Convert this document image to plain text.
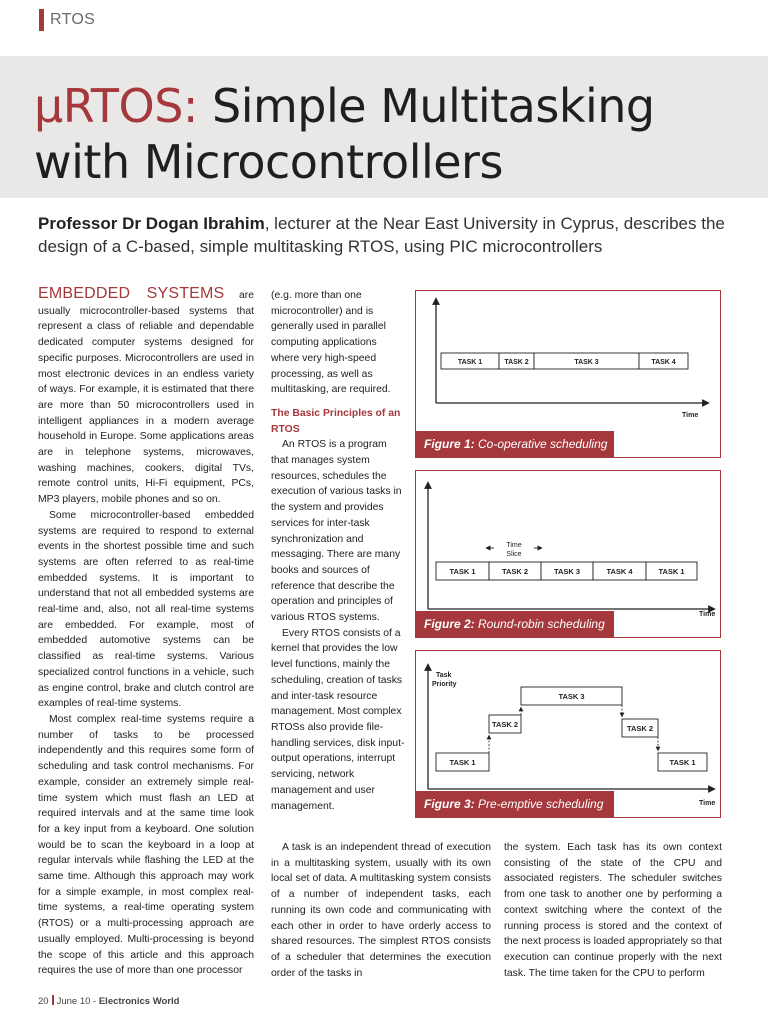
RTOS
µRTOS: Simple Multitasking with Microcontrollers
Professor Dr Dogan Ibrahim, lecturer at the Near East University in Cyprus, describes the design of a C-based, simple multitasking RTOS, using PIC microcontrollers

EMBEDDED SYSTEMS are usually microcontroller-based systems that represent a class of reliable and dependable dedicated computer systems designed for specific purposes. Microcontrollers are used in most electronic devices in an endless variety of ways. For example, it is estimated that there are more than 50 microcontrollers used in intelligent appliances in a modern average household in Europe. Some applications areas are in telephone systems, microwaves, washing machines, cookers, digital TVs, remote control units, Hi-Fi equipment, PCs, MP3 players, mobile phones and so on.

Some microcontroller-based embedded systems are required to respond to external events in the shortest possible time and such systems are often referred to as real-time embedded systems. It is important to understand that not all embedded systems are real-time and, also, not all real-time systems are embedded. For example, most of embedded automotive systems can be classified as real-time systems. Various specialized control functions in a vehicle, such as engine control, brake and clutch control are examples of real-time systems.

Most complex real-time systems require a number of tasks to be processed independently and this requires some form of scheduling and task control mechanisms. For example, consider an extremely simple real-time system which must flash an LED at required intervals and at the same time look for a key input from a keyboard. One solution would be to scan the keyboard in a loop at regular intervals while flashing the LED at the same time. Although this approach may work for a simple example, in most complex real-time systems, a real-time operating system (RTOS) or a multi-processing approach are usually employed. Multi-processing is beyond the scope of this article and this approach requires the use of more than one processor

(e.g. more than one microcontroller) and is generally used in parallel computing applications where very high-speed processing, as well as multitasking, are required.

The Basic Principles of an RTOS

An RTOS is a program that manages system resources, schedules the execution of various tasks in the system and provides services for inter-task synchronization and messaging. There are many books and sources of reference that describe the operation and principles of various RTOS systems.

Every RTOS consists of a kernel that provides the low level functions, mainly the scheduling, creation of tasks and inter-task resource management. Most complex RTOSs also provide file-handling services, disk input-output operations, interrupt servicing, network management and user management.

A task is an independent thread of execution in a multitasking system, usually with its own local set of data. A multitasking system consists of a number of independent tasks, each running its own code and communicating with each other in order to have orderly access to shared resources. The simplest RTOS consists of a scheduler that determines the execution order of the tasks in

the system. Each task has its own context consisting of the state of the CPU and associated registers. The scheduler switches from one task to another one by performing a context switching where the context of the running process is stored and the context of the next process is loaded appropriately so that execution can continue properly with the next task. The time taken for the CPU to perform

Time
TASK 1	TASK 2	TASK 3	TASK 4
Figure 1: Co-operative scheduling
Time
Time
Slice
TASK 1	TASK 2	TASK 3	TASK 4	TASK 1
Figure 2: Round-robin scheduling
Task
Priority
Time
TASK 1
TASK 2
TASK 3
TASK 2
TASK 1
Figure 3: Pre-emptive scheduling
20 June 10 - Electronics World
